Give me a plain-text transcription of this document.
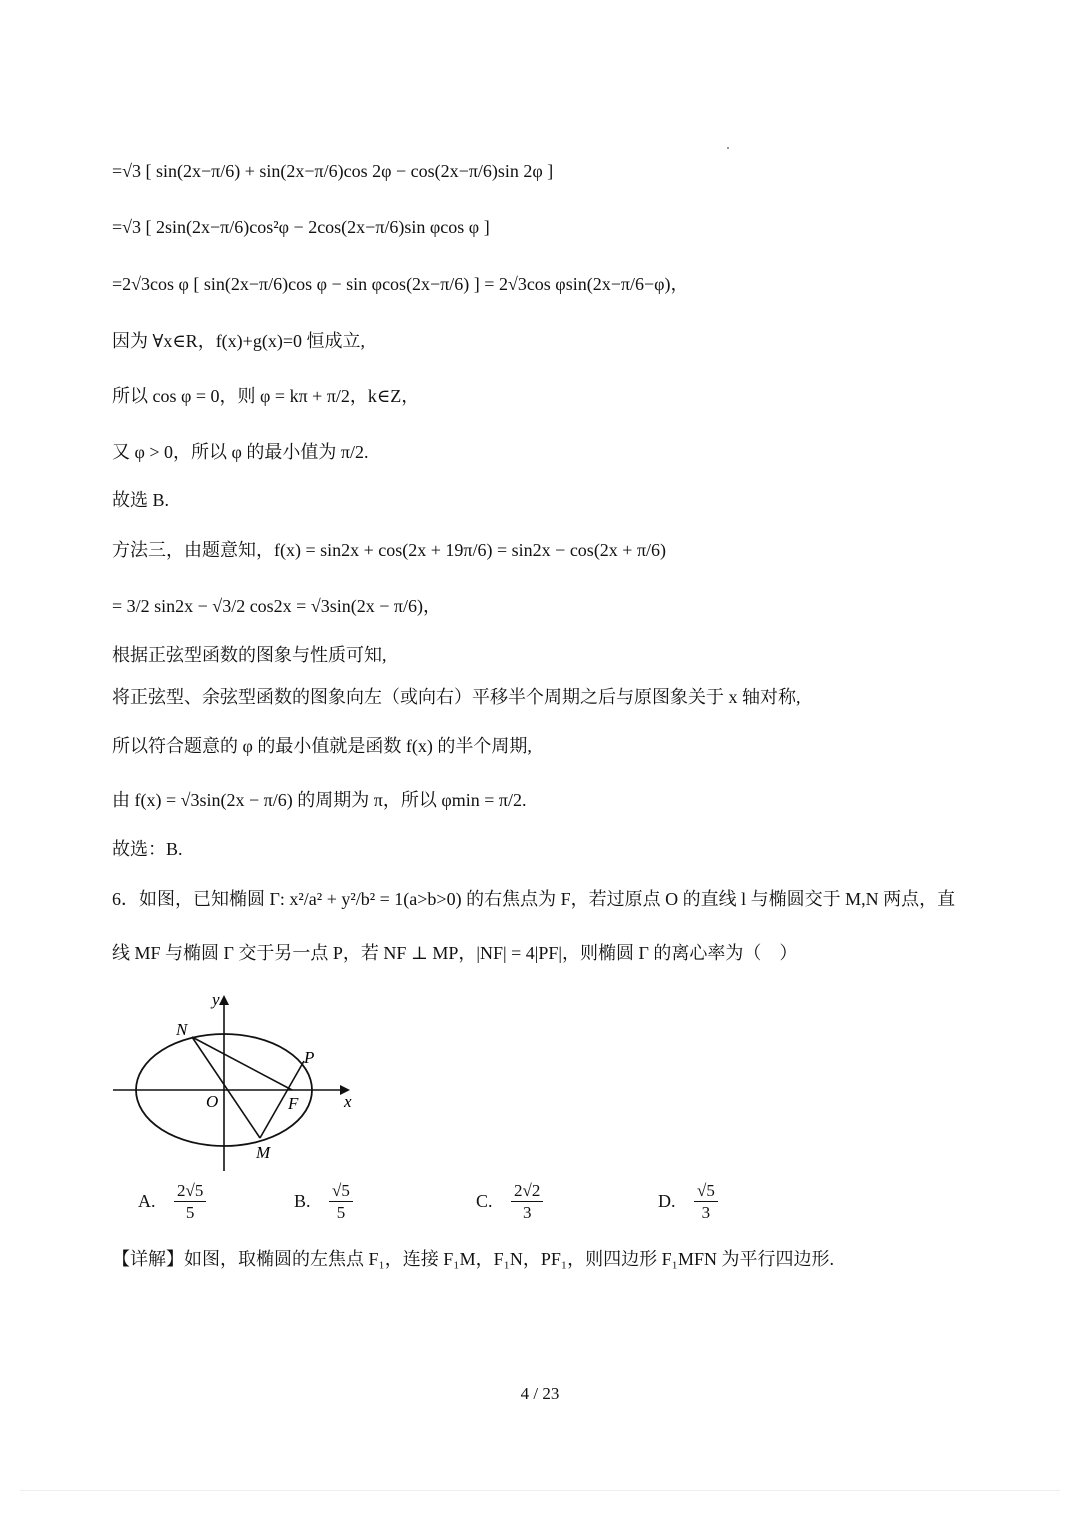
=√3 [ sin(2x−π/6) + sin(2x−π/6)cos 2φ − cos(2x−π/6)sin 2φ ]
=√3 [ 2sin(2x−π/6)cos²φ − 2cos(2x−π/6)sin φcos φ ]
=2√3cos φ [ sin(2x−π/6)cos φ − sin φcos(2x−π/6) ] = 2√3cos φsin(2x−π/6−φ)，
因为 ∀x∈R，f(x)+g(x)=0 恒成立,
所以 cos φ = 0，则 φ = kπ + π/2，k∈Z，
又 φ > 0，所以 φ 的最小值为 π/2.
故选 B.
方法三，由题意知，f(x) = sin2x + cos(2x + 19π/6) = sin2x − cos(2x + π/6)
= 3/2 sin2x − √3/2 cos2x = √3sin(2x − π/6)，
根据正弦型函数的图象与性质可知,
将正弦型、余弦型函数的图象向左（或向右）平移半个周期之后与原图象关于 x 轴对称,
所以符合题意的 φ 的最小值就是函数 f(x) 的半个周期,
由 f(x) = √3sin(2x − π/6) 的周期为 π，所以 φmin = π/2.
故选：B.
6．如图，已知椭圆 Γ: x²/a² + y²/b² = 1(a>b>0) 的右焦点为 F，若过原点 O 的直线 l 与椭圆交于 M,N 两点，直
线 MF 与椭圆 Γ 交于另一点 P，若 NF ⊥ MP，|NF| = 4|PF|，则椭圆 Γ 的离心率为（　）
y
x
N
P
O	F
M
A. $\frac{2√5}{5}$	B. $\frac{√5}{5}$	C. $\frac{2√2}{3}$	D. $\frac{√5}{3}$
【详解】如图，取椭圆的左焦点 F₁，连接 F₁M，F₁N，PF₁，则四边形 F₁MFN 为平行四边形.
4 / 23
